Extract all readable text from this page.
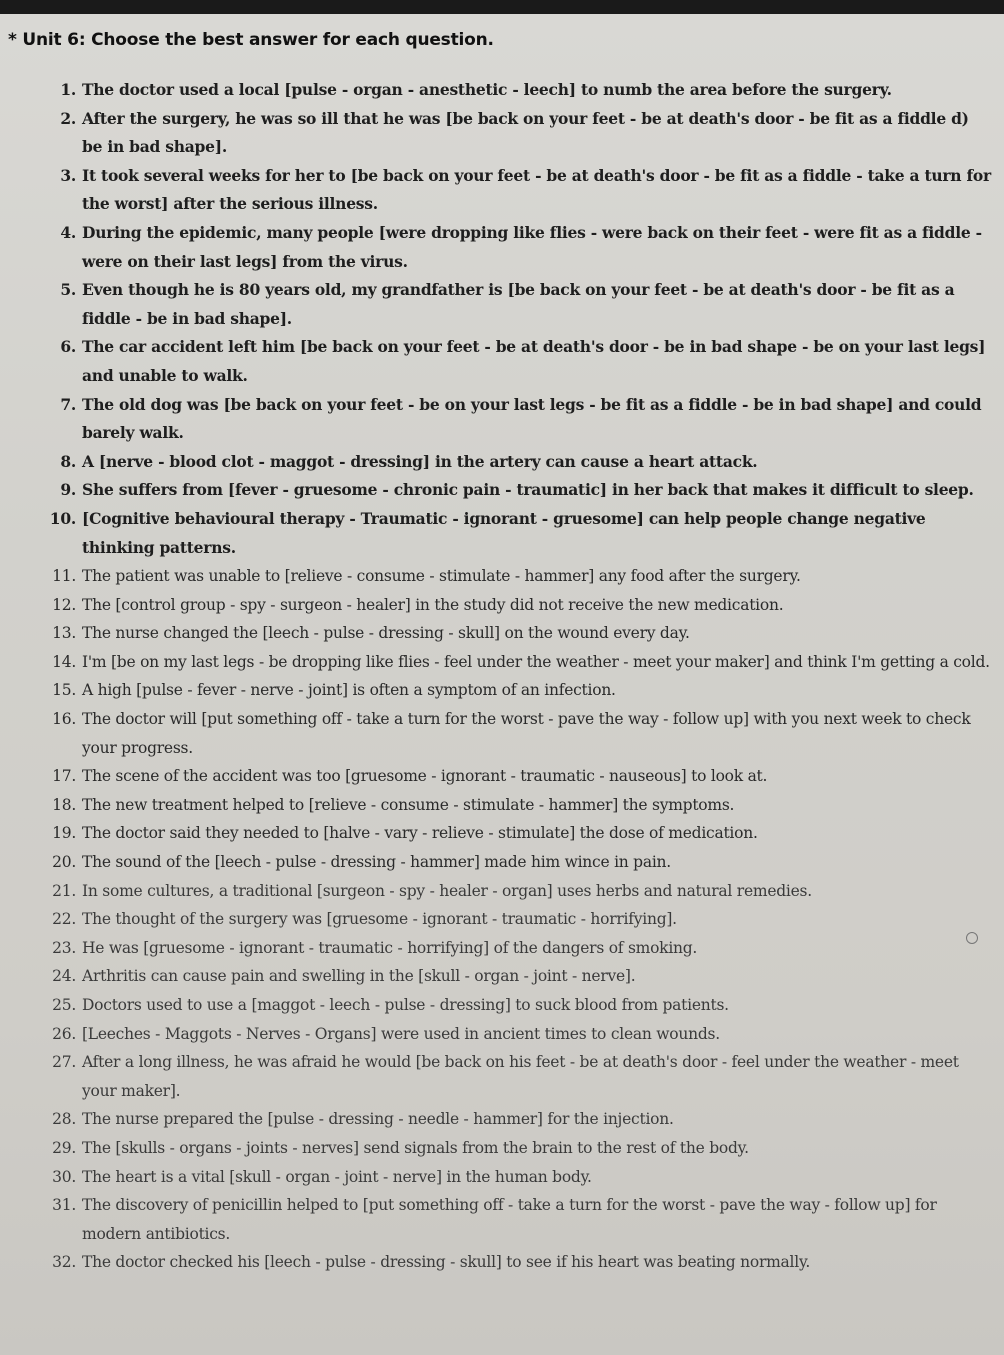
* Unit 6: Choose the best answer for each question.
1. The doctor used a local [pulse - organ - anesthetic - leech] to numb the area before the surgery.
2. After the surgery, he was so ill that he was [be back on your feet - be at death's door - be fit as a fiddle d) be in bad shape].
3. It took several weeks for her to [be back on your feet - be at death's door - be fit as a fiddle - take a turn for the worst] after the serious illness.
4. During the epidemic, many people [were dropping like flies - were back on their feet - were fit as a fiddle - were on their last legs] from the virus.
5. Even though he is 80 years old, my grandfather is [be back on your feet - be at death's door - be fit as a fiddle - be in bad shape].
6. The car accident left him [be back on your feet - be at death's door - be in bad shape - be on your last legs] and unable to walk.
7. The old dog was [be back on your feet - be on your last legs - be fit as a fiddle - be in bad shape] and could barely walk.
8. A [nerve - blood clot - maggot - dressing] in the artery can cause a heart attack.
9. She suffers from [fever - gruesome - chronic pain - traumatic] in her back that makes it difficult to sleep.
10. [Cognitive behavioural therapy - Traumatic - ignorant - gruesome] can help people change negative thinking patterns.
11. The patient was unable to [relieve - consume - stimulate - hammer] any food after the surgery.
12. The [control group - spy - surgeon - healer] in the study did not receive the new medication.
13. The nurse changed the [leech - pulse - dressing - skull] on the wound every day.
14. I'm [be on my last legs - be dropping like flies - feel under the weather - meet your maker] and think I'm getting a cold.
15. A high [pulse - fever - nerve - joint] is often a symptom of an infection.
16. The doctor will [put something off - take a turn for the worst - pave the way - follow up] with you next week to check your progress.
17. The scene of the accident was too [gruesome - ignorant - traumatic - nauseous] to look at.
18. The new treatment helped to [relieve - consume - stimulate - hammer] the symptoms.
19. The doctor said they needed to [halve - vary - relieve - stimulate] the dose of medication.
20. The sound of the [leech - pulse - dressing - hammer] made him wince in pain.
21. In some cultures, a traditional [surgeon - spy - healer - organ] uses herbs and natural remedies.
22. The thought of the surgery was [gruesome - ignorant - traumatic - horrifying].
23. He was [gruesome - ignorant - traumatic - horrifying] of the dangers of smoking.
24. Arthritis can cause pain and swelling in the [skull - organ - joint - nerve].
25. Doctors used to use a [maggot - leech - pulse - dressing] to suck blood from patients.
26. [Leeches - Maggots - Nerves - Organs] were used in ancient times to clean wounds.
27. After a long illness, he was afraid he would [be back on his feet - be at death's door - feel under the weather - meet your maker].
28. The nurse prepared the [pulse - dressing - needle - hammer] for the injection.
29. The [skulls - organs - joints - nerves] send signals from the brain to the rest of the body.
30. The heart is a vital [skull - organ - joint - nerve] in the human body.
31. The discovery of penicillin helped to [put something off - take a turn for the worst - pave the way - follow up] for modern antibiotics.
32. The doctor checked his [leech - pulse - dressing - skull] to see if his heart was beating normally.
